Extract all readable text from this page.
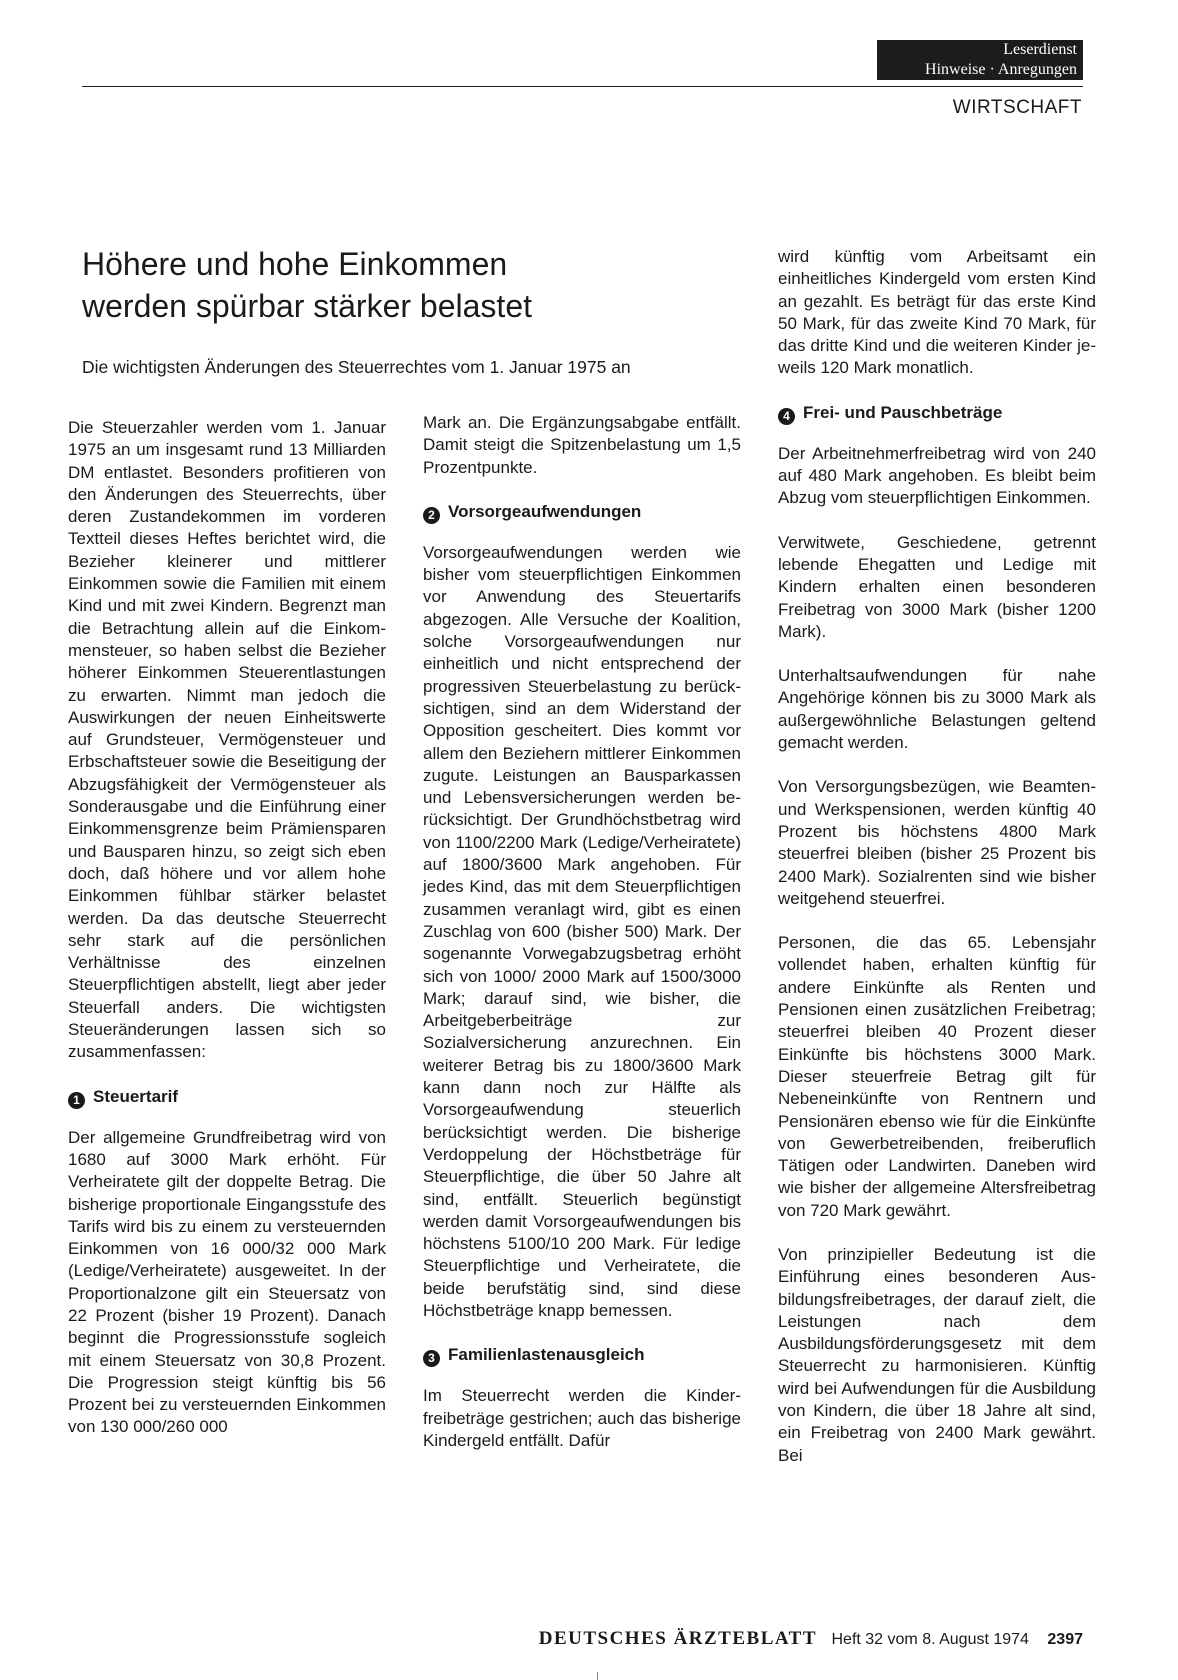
Leserdienst
Hinweise · Anregungen
WIRTSCHAFT
Höhere und hohe Einkommen
werden spürbar stärker belastet
Die wichtigsten Änderungen des Steuerrechtes vom 1. Januar 1975 an

Die Steuerzahler werden vom 1. Januar 1975 an um insgesamt rund 13 Milliarden DM entlastet. Besonders profitieren von den Änderungen des Steuerrechts, über deren Zustandekommen im vorderen Textteil dieses Heftes berichtet wird, die Bezieher kleinerer und mittlerer Einkommen sowie die Familien mit einem Kind und mit zwei Kindern. Begrenzt man die Betrachtung allein auf die Einkommensteuer, so haben selbst die Bezieher höherer Einkommen Steuerentlastungen zu erwarten. Nimmt man jedoch die Auswirkungen der neuen Einheitswerte auf Grundsteuer, Vermögensteuer und Erbschaftsteuer sowie die Beseitigung der Abzugsfähigkeit der Vermögensteuer als Sonderausgabe und die Einführung einer Einkommensgrenze beim Prämiensparen und Bausparen hinzu, so zeigt sich eben doch, daß höhere und vor allem hohe Einkommen fühlbar stärker belastet werden. Da das deutsche Steuerrecht sehr stark auf die persönlichen Verhältnisse des einzelnen Steuerpflichtigen abstellt, liegt aber jeder Steuerfall anders. Die wichtigsten Steueränderungen lassen sich so zusammenfassen:

1 Steuertarif

Der allgemeine Grundfreibetrag wird von 1680 auf 3000 Mark erhöht. Für Verheiratete gilt der doppelte Betrag. Die bisherige proportionale Eingangsstufe des Tarifs wird bis zu einem zu versteuernden Einkommen von 16 000/32 000 Mark (Ledige/Verheiratete) ausgeweitet. In der Proportionalzone gilt ein Steuersatz von 22 Prozent (bisher 19 Prozent). Danach beginnt die Progressionsstufe sogleich mit einem Steuersatz von 30,8 Prozent. Die Progression steigt künftig bis 56 Prozent bei zu versteuernden Einkommen von 130 000/260 000

Mark an. Die Ergänzungsabgabe entfällt. Damit steigt die Spitzenbelastung um 1,5 Prozentpunkte.

2 Vorsorgeaufwendungen

Vorsorgeaufwendungen werden wie bisher vom steuerpflichtigen Einkommen vor Anwendung des Steuertarifs abgezogen. Alle Versuche der Koalition, solche Vorsorgeaufwendungen nur einheitlich und nicht entsprechend der progressiven Steuerbelastung zu berücksichtigen, sind an dem Widerstand der Opposition gescheitert. Dies kommt vor allem den Beziehern mittlerer Einkommen zugute. Leistungen an Bausparkassen und Lebensversicherungen werden berücksichtigt. Der Grundhöchstbetrag wird von 1100/2200 Mark (Ledige/Verheiratete) auf 1800/3600 Mark angehoben. Für jedes Kind, das mit dem Steuerpflichtigen zusammen veranlagt wird, gibt es einen Zuschlag von 600 (bisher 500) Mark. Der sogenannte Vorwegabzugsbetrag erhöht sich von 1000/ 2000 Mark auf 1500/3000 Mark; darauf sind, wie bisher, die Arbeitgeberbeiträge zur Sozialversicherung anzurechnen. Ein weiterer Betrag bis zu 1800/3600 Mark kann dann noch zur Hälfte als Vorsorgeaufwendung steuerlich berücksichtigt werden. Die bisherige Verdoppelung der Höchstbeträge für Steuerpflichtige, die über 50 Jahre alt sind, entfällt. Steuerlich begünstigt werden damit Vorsorgeaufwendungen bis höchstens 5100/10 200 Mark. Für ledige Steuerpflichtige und Verheiratete, die beide berufstätig sind, sind diese Höchstbeträge knapp bemessen.

3 Familienlastenausgleich

Im Steuerrecht werden die Kinderfreibeträge gestrichen; auch das bisherige Kindergeld entfällt. Dafür

wird künftig vom Arbeitsamt ein einheitliches Kindergeld vom ersten Kind an gezahlt. Es beträgt für das erste Kind 50 Mark, für das zweite Kind 70 Mark, für das dritte Kind und die weiteren Kinder jeweils 120 Mark monatlich.

4 Frei- und Pauschbeträge

Der Arbeitnehmerfreibetrag wird von 240 auf 480 Mark angehoben. Es bleibt beim Abzug vom steuerpflichtigen Einkommen.

Verwitwete, Geschiedene, getrennt lebende Ehegatten und Ledige mit Kindern erhalten einen besonderen Freibetrag von 3000 Mark (bisher 1200 Mark).

Unterhaltsaufwendungen für nahe Angehörige können bis zu 3000 Mark als außergewöhnliche Belastungen geltend gemacht werden.

Von Versorgungsbezügen, wie Beamten- und Werkspensionen, werden künftig 40 Prozent bis höchstens 4800 Mark steuerfrei bleiben (bisher 25 Prozent bis 2400 Mark). Sozialrenten sind wie bisher weitgehend steuerfrei.

Personen, die das 65. Lebensjahr vollendet haben, erhalten künftig für andere Einkünfte als Renten und Pensionen einen zusätzlichen Freibetrag; steuerfrei bleiben 40 Prozent dieser Einkünfte bis höchstens 3000 Mark. Dieser steuerfreie Betrag gilt für Nebeneinkünfte von Rentnern und Pensionären ebenso wie für die Einkünfte von Gewerbetreibenden, freiberuflich Tätigen oder Landwirten. Daneben wird wie bisher der allgemeine Altersfreibetrag von 720 Mark gewährt.

Von prinzipieller Bedeutung ist die Einführung eines besonderen Ausbildungsfreibetrages, der darauf zielt, die Leistungen nach dem Ausbildungsförderungsgesetz mit dem Steuerrecht zu harmonisieren. Künftig wird bei Aufwendungen für die Ausbildung von Kindern, die über 18 Jahre alt sind, ein Freibetrag von 2400 Mark gewährt. Bei

DEUTSCHES ÄRZTEBLATT Heft 32 vom 8. August 1974 2397
